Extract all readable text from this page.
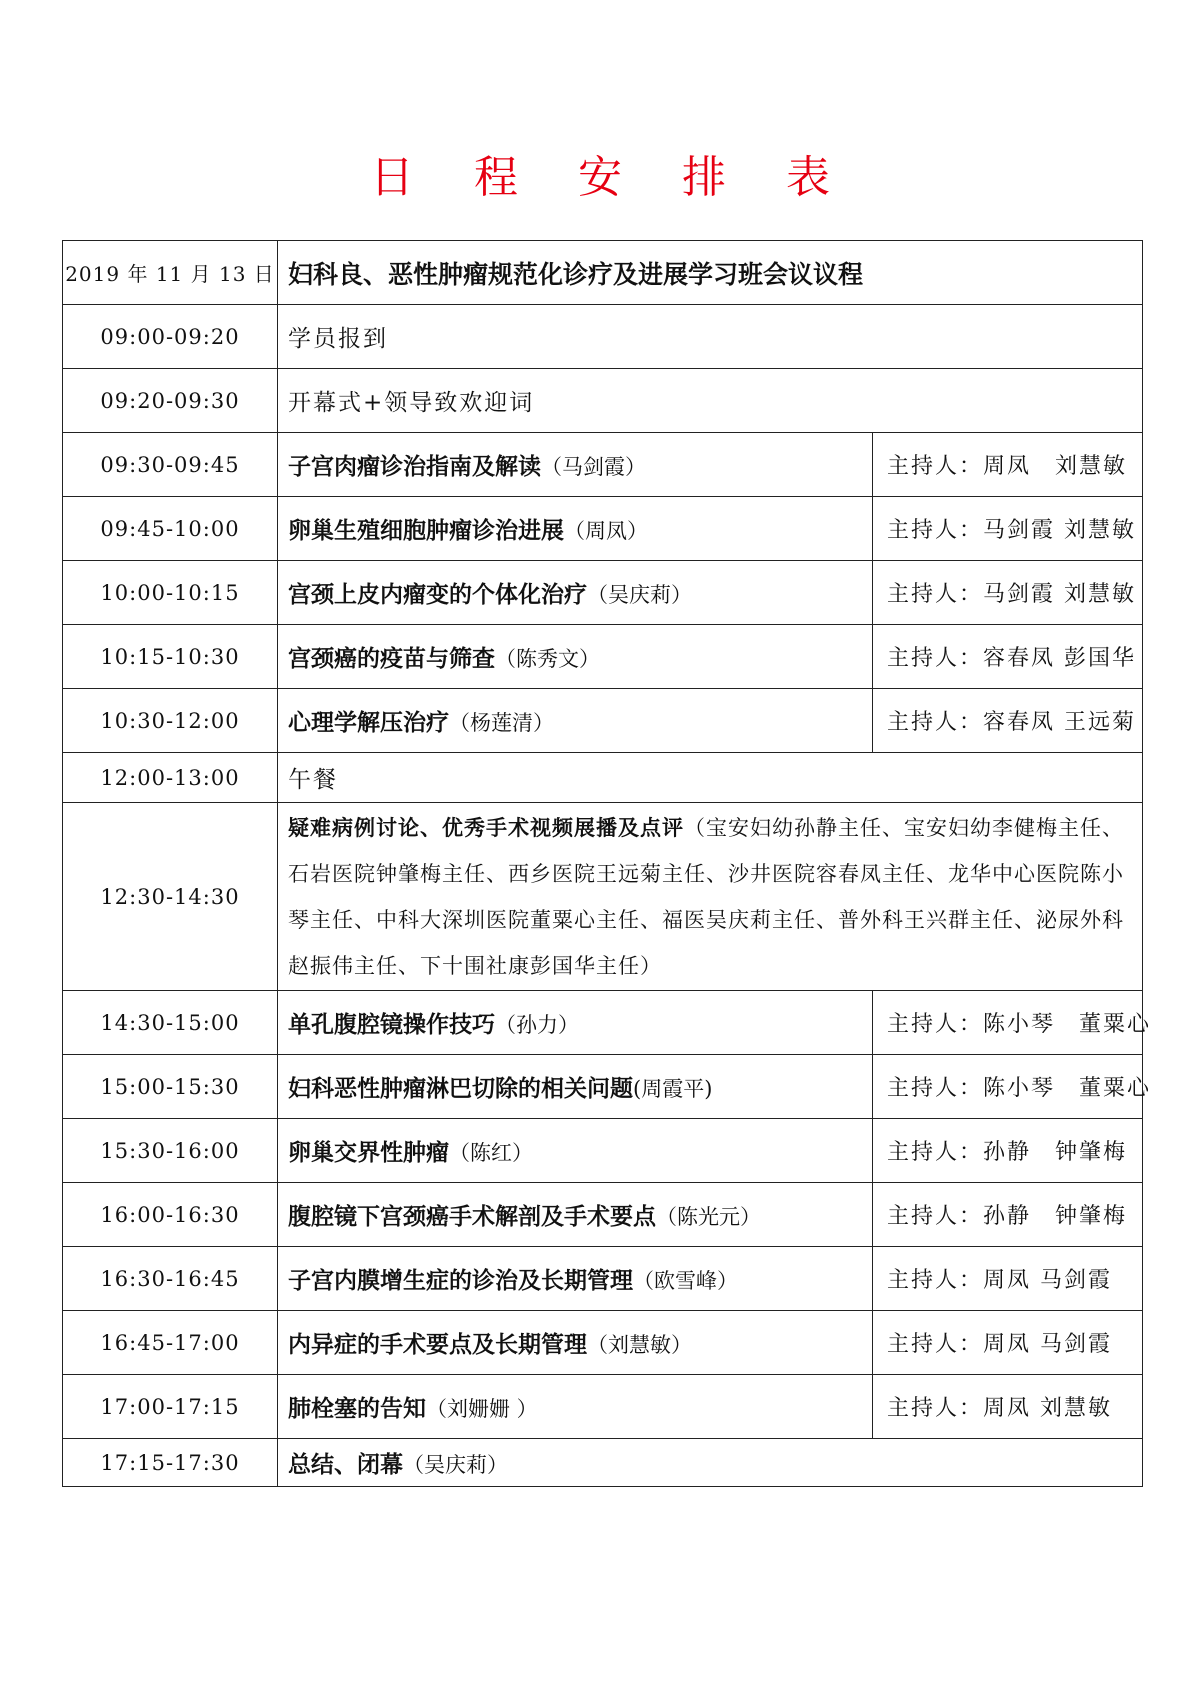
日 程 安 排 表
2019 年 11 月 13 日	妇科良、恶性肿瘤规范化诊疗及进展学习班会议议程	
09:00-09:20	学员报到	
09:20-09:30	开幕式+领导致欢迎词	
09:30-09:45	子宫肉瘤诊治指南及解读（马剑霞）	主持人：周凤　刘慧敏
09:45-10:00	卵巢生殖细胞肿瘤诊治进展（周凤）	主持人：马剑霞 刘慧敏
10:00-10:15	宫颈上皮内瘤变的个体化治疗（吴庆莉）	主持人：马剑霞 刘慧敏
10:15-10:30	宫颈癌的疫苗与筛查（陈秀文）	主持人：容春凤 彭国华
10:30-12:00	心理学解压治疗（杨莲清）	主持人：容春凤 王远菊
12:00-13:00	午餐	
12:30-14:30	疑难病例讨论、优秀手术视频展播及点评（宝安妇幼孙静主任、宝安妇幼李健梅主任、石岩医院钟肇梅主任、西乡医院王远菊主任、沙井医院容春凤主任、龙华中心医院陈小琴主任、中科大深圳医院董粟心主任、福医吴庆莉主任、普外科王兴群主任、泌尿外科赵振伟主任、下十围社康彭国华主任）	
14:30-15:00	单孔腹腔镜操作技巧（孙力）	主持人：陈小琴　董粟心
15:00-15:30	妇科恶性肿瘤淋巴切除的相关问题(周霞平)	主持人：陈小琴　董粟心
15:30-16:00	卵巢交界性肿瘤（陈红）	主持人：孙静　钟肇梅
16:00-16:30	腹腔镜下宫颈癌手术解剖及手术要点（陈光元）	主持人：孙静　钟肇梅
16:30-16:45	子宫内膜增生症的诊治及长期管理（欧雪峰）	主持人：周凤 马剑霞
16:45-17:00	内异症的手术要点及长期管理（刘慧敏）	主持人：周凤 马剑霞
17:00-17:15	肺栓塞的告知（刘姗姗 ）	主持人：周凤 刘慧敏
17:15-17:30	总结、闭幕（吴庆莉）	
